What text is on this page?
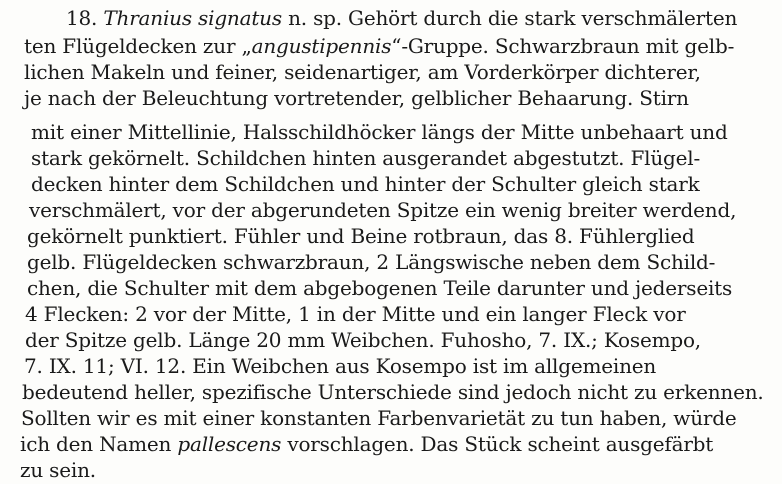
18. Thranius signatus n. sp. Gehört durch die stark verschmälerten
ten Flügeldecken zur „angustipennis“-Gruppe. Schwarzbraun mit gelb-
lichen Makeln und feiner, seidenartiger, am Vorderkörper dichterer,
je nach der Beleuchtung vortretender, gelblicher Behaarung. Stirn
mit einer Mittellinie, Halsschildhöcker längs der Mitte unbehaart und
stark gekörnelt. Schildchen hinten ausgerandet abgestutzt. Flügel-
decken hinter dem Schildchen und hinter der Schulter gleich stark
verschmälert, vor der abgerundeten Spitze ein wenig breiter werdend,
gekörnelt punktiert. Fühler und Beine rotbraun, das 8. Fühlerglied
gelb. Flügeldecken schwarzbraun, 2 Längswische neben dem Schild-
chen, die Schulter mit dem abgebogenen Teile darunter und jederseits
4 Flecken: 2 vor der Mitte, 1 in der Mitte und ein langer Fleck vor
der Spitze gelb. Länge 20 mm Weibchen. Fuhosho, 7. IX.; Kosempo,
7. IX. 11; VI. 12. Ein Weibchen aus Kosempo ist im allgemeinen
bedeutend heller, spezifische Unterschiede sind jedoch nicht zu erkennen.
Sollten wir es mit einer konstanten Farbenvarietät zu tun haben, würde
ich den Namen pallescens vorschlagen. Das Stück scheint ausgefärbt
zu sein.
